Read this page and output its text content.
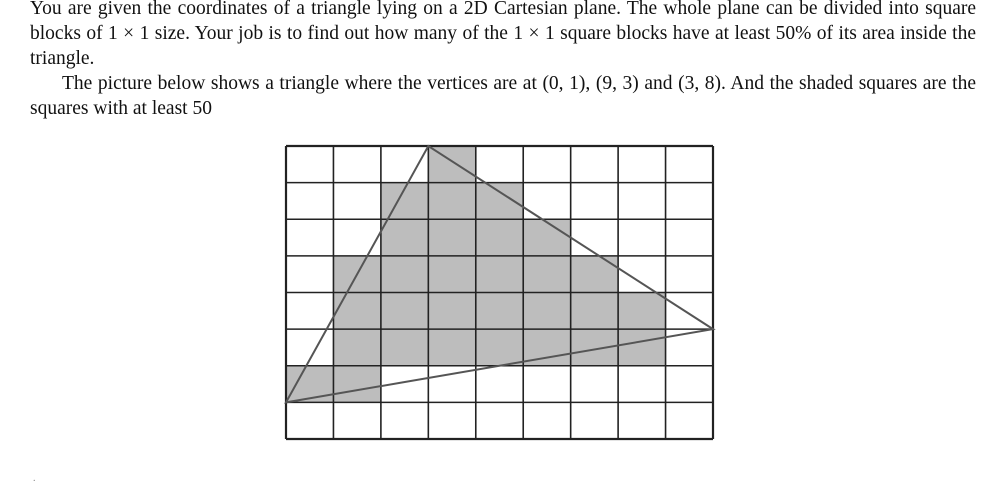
You are given the coordinates of a triangle lying on a 2D Cartesian plane. The whole plane can be divided into square blocks of 1 × 1 size. Your job is to find out how many of the 1 × 1 square blocks have at least 50% of its area inside the triangle.

The picture below shows a triangle where the vertices are at (0, 1), (9, 3) and (3, 8). And the shaded squares are the squares with at least 50

.
